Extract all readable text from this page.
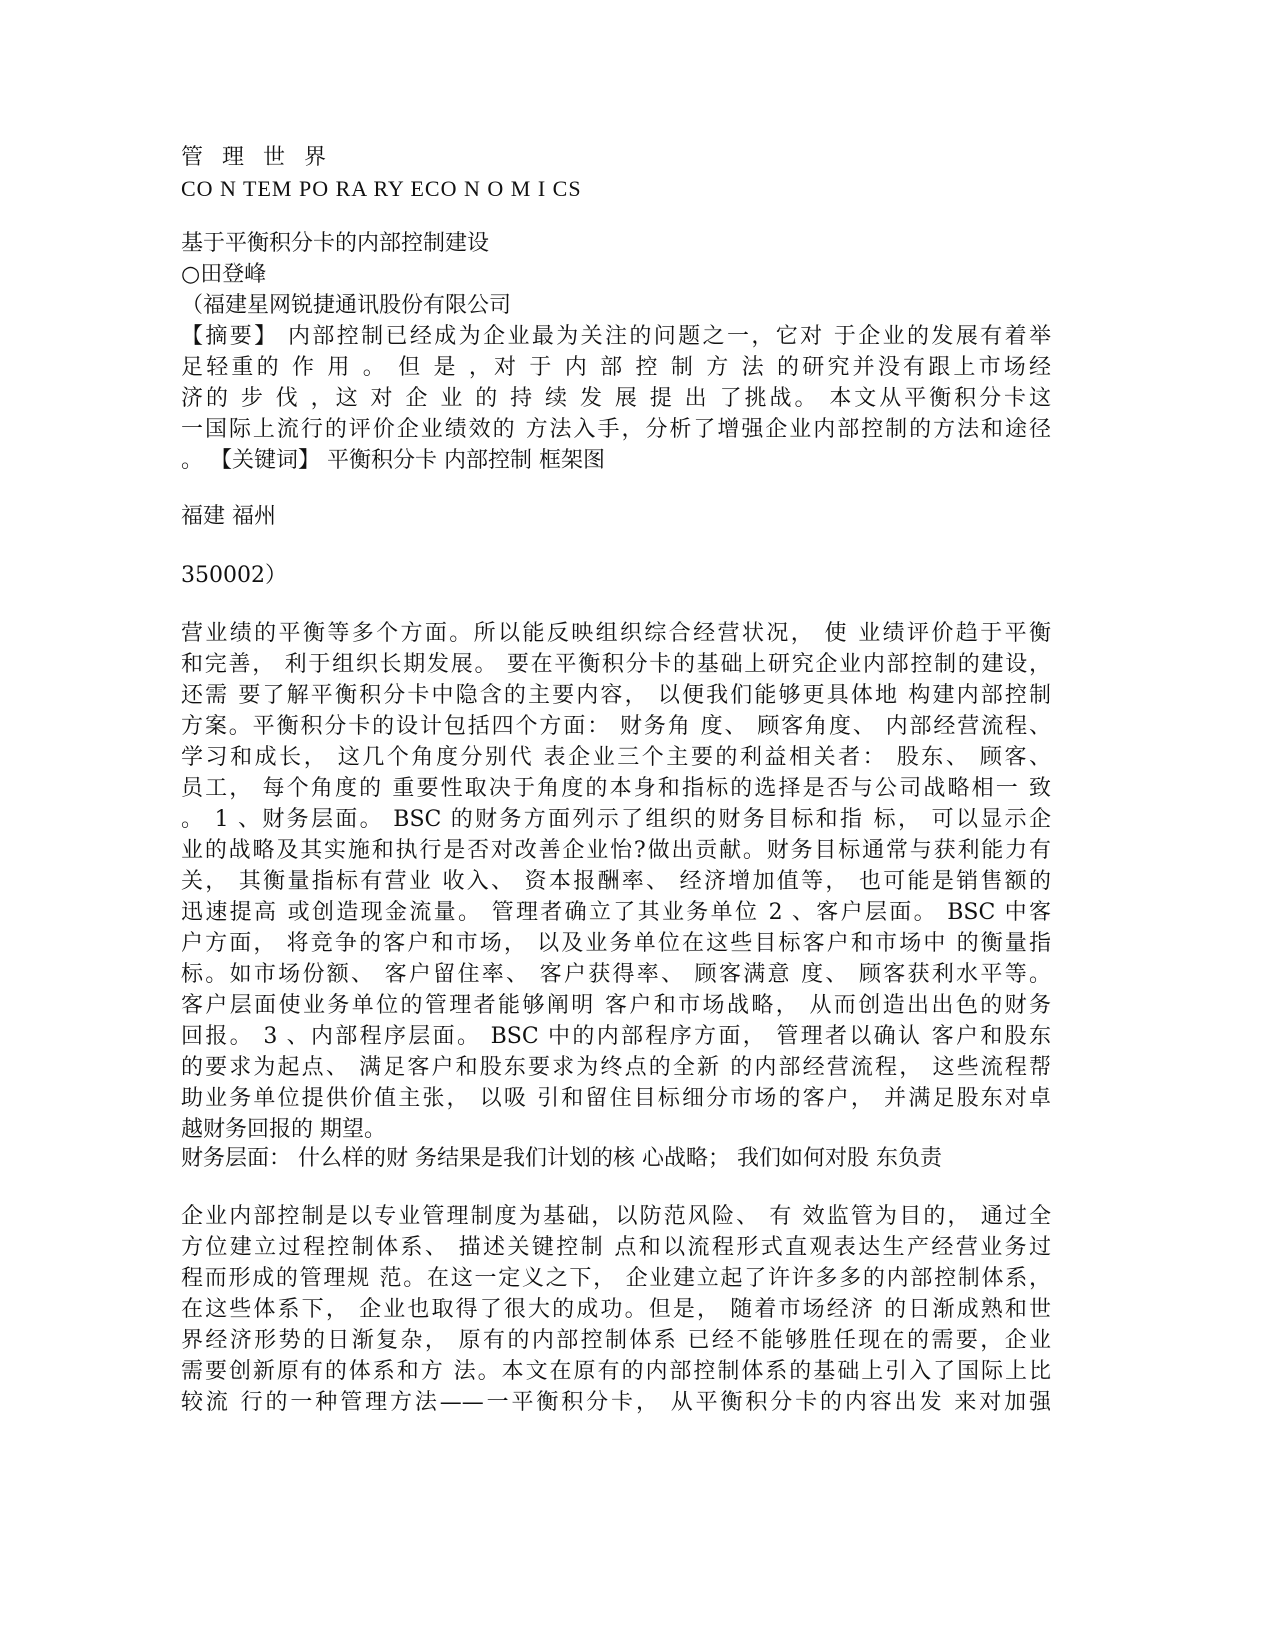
管 理 世 界
CO N TEM PO RA RY ECO N O M I CS
基于平衡积分卡的内部控制建设
○田登峰
（福建星网锐捷通讯股份有限公司
【摘要】 内部控制已经成为企业最为关注的问题之一，它对 于企业的发展有着举
足轻重的 作 用 。 但 是 ，对 于 内 部 控 制 方 法 的研究并没有跟上市场经
济的 步 伐 ，这 对 企 业 的 持 续 发 展 提 出 了挑战。 本文从平衡积分卡这
一国际上流行的评价企业绩效的 方法入手，分析了增强企业内部控制的方法和途径
。 【关键词】 平衡积分卡 内部控制 框架图
福建 福州
350002）
营业绩的平衡等多个方面。所以能反映组织综合经营状况， 使 业绩评价趋于平衡
和完善， 利于组织长期发展。 要在平衡积分卡的基础上研究企业内部控制的建设，
还需 要了解平衡积分卡中隐含的主要内容， 以便我们能够更具体地 构建内部控制
方案。平衡积分卡的设计包括四个方面： 财务角 度、 顾客角度、 内部经营流程、
学习和成长， 这几个角度分别代 表企业三个主要的利益相关者： 股东、 顾客、
员工， 每个角度的 重要性取决于角度的本身和指标的选择是否与公司战略相一 致
。 1 、财务层面。 BSC 的财务方面列示了组织的财务目标和指 标， 可以显示企
业的战略及其实施和执行是否对改善企业怡?做出贡献。财务目标通常与获利能力有
关， 其衡量指标有营业 收入、 资本报酬率、 经济增加值等， 也可能是销售额的
迅速提高 或创造现金流量。 管理者确立了其业务单位 2 、客户层面。 BSC 中客
户方面， 将竞争的客户和市场， 以及业务单位在这些目标客户和市场中 的衡量指
标。如市场份额、 客户留住率、 客户获得率、 顾客满意 度、 顾客获利水平等。
客户层面使业务单位的管理者能够阐明 客户和市场战略， 从而创造出出色的财务
回报。 3 、内部程序层面。 BSC 中的内部程序方面， 管理者以确认 客户和股东
的要求为起点、 满足客户和股东要求为终点的全新 的内部经营流程， 这些流程帮
助业务单位提供价值主张， 以吸 引和留住目标细分市场的客户， 并满足股东对卓
越财务回报的 期望。
财务层面： 什么样的财 务结果是我们计划的核 心战略； 我们如何对股 东负责
企业内部控制是以专业管理制度为基础，以防范风险、 有 效监管为目的， 通过全
方位建立过程控制体系、 描述关键控制 点和以流程形式直观表达生产经营业务过
程而形成的管理规 范。在这一定义之下， 企业建立起了许许多多的内部控制体系，
在这些体系下， 企业也取得了很大的成功。但是， 随着市场经济 的日渐成熟和世
界经济形势的日渐复杂， 原有的内部控制体系 已经不能够胜任现在的需要，企业
需要创新原有的体系和方 法。本文在原有的内部控制体系的基础上引入了国际上比
较流 行的一种管理方法——一平衡积分卡， 从平衡积分卡的内容出发 来对加强
